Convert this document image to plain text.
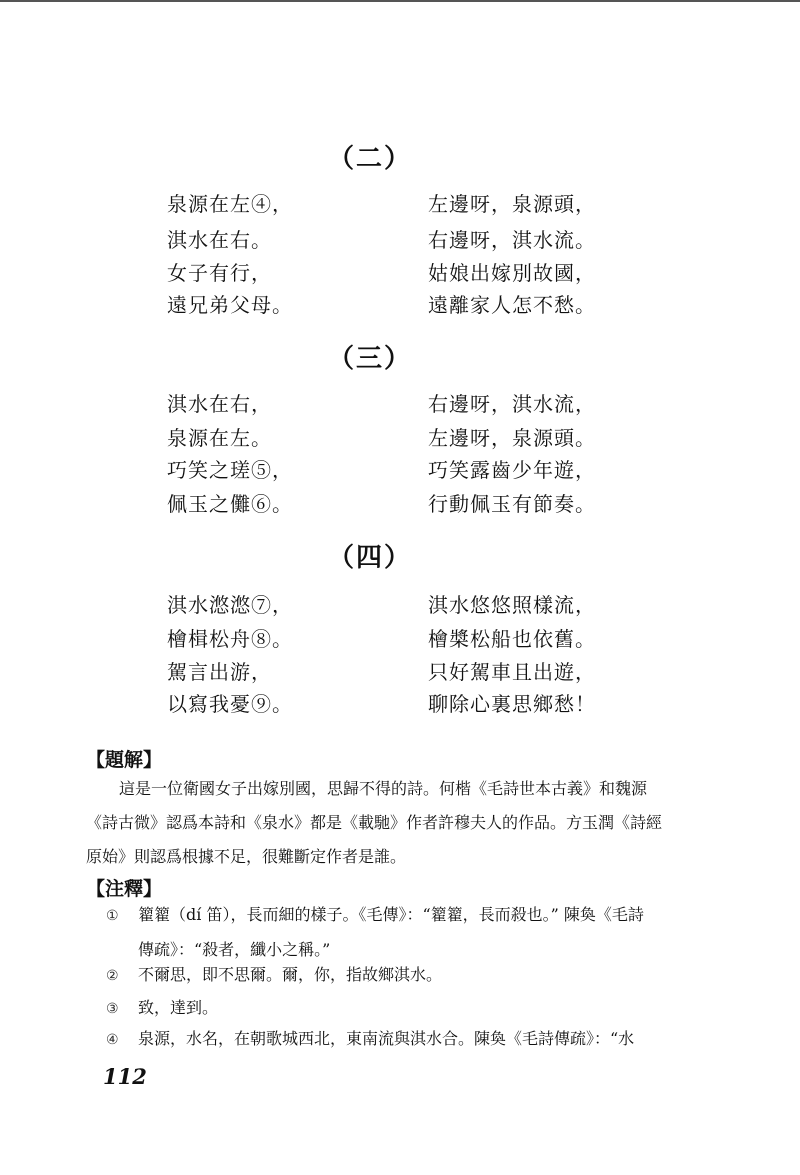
（二）
泉源在左④，
淇水在右。
女子有行，
遠兄弟父母。
左邊呀，泉源頭，
右邊呀，淇水流。
姑娘出嫁別故國，
遠離家人怎不愁。
（三）
淇水在右，
泉源在左。
巧笑之瑳⑤，
佩玉之儺⑥。
右邊呀，淇水流，
左邊呀，泉源頭。
巧笑露齒少年遊，
行動佩玉有節奏。
（四）
淇水滺滺⑦，
檜楫松舟⑧。
駕言出游，
以寫我憂⑨。
淇水悠悠照樣流，
檜槳松船也依舊。
只好駕車且出遊，
聊除心裏思鄉愁！
【題解】

這是一位衛國女子出嫁別國，思歸不得的詩。何楷《毛詩世本古義》和魏源《詩古微》認爲本詩和《泉水》都是《載馳》作者許穆夫人的作品。方玉潤《詩經原始》則認爲根據不足，很難斷定作者是誰。

【注釋】
① 籊籊（dí 笛），長而細的樣子。《毛傳》：“籊籊，長而殺也。” 陳奐《毛詩
傳疏》：“殺者，纖小之稱。”
② 不爾思，即不思爾。爾，你，指故鄉淇水。
③ 致，達到。
④ 泉源，水名，在朝歌城西北，東南流與淇水合。陳奐《毛詩傳疏》：“水
112
